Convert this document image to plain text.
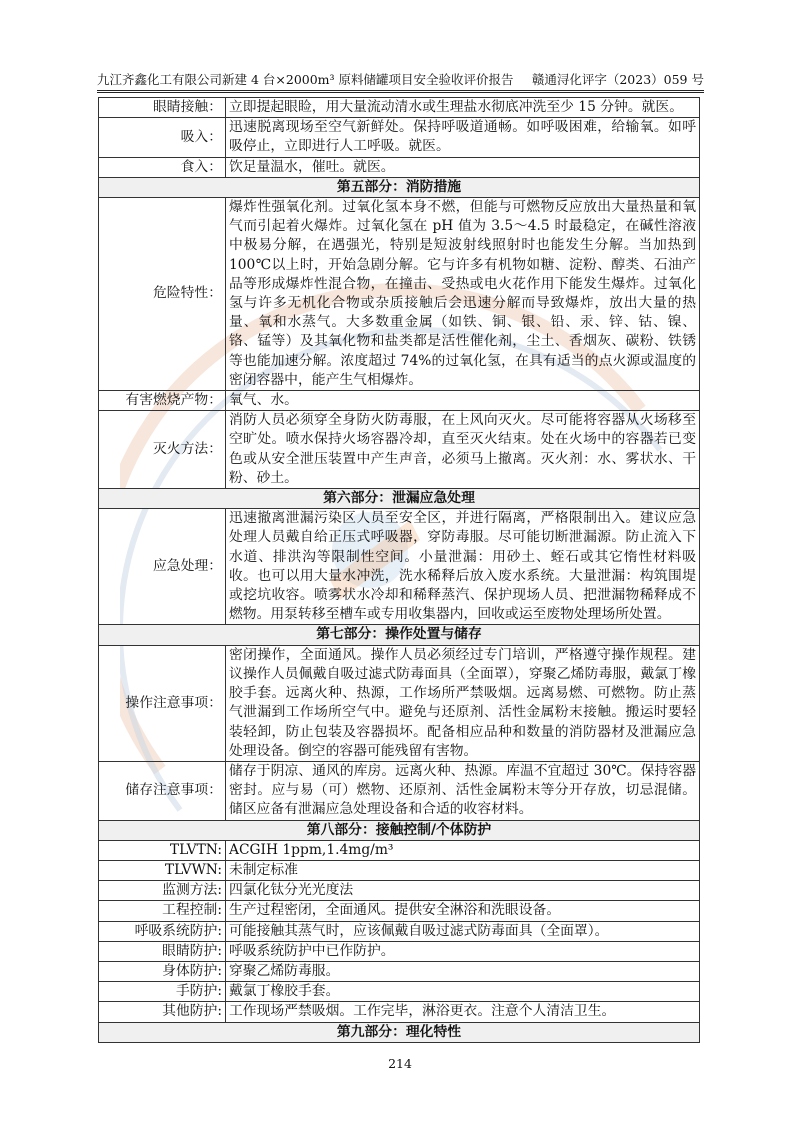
九江齐鑫化工有限公司新建 4 台×2000m³ 原料储罐项目安全验收评价报告 赣通浔化评字（2023）059 号
眼睛接触：	立即提起眼睑，用大量流动清水或生理盐水彻底冲洗至少 15 分钟。就医。
吸入：	迅速脱离现场至空气新鲜处。保持呼吸道通畅。如呼吸困难，给输氧。如呼吸停止，立即进行人工呼吸。就医。
食入：	饮足量温水，催吐。就医。
第五部分：消防措施	
危险特性：	爆炸性强氧化剂。过氧化氢本身不燃，但能与可燃物反应放出大量热量和氧气而引起着火爆炸。过氧化氢在 pH 值为 3.5～4.5 时最稳定，在碱性溶液中极易分解，在遇强光，特别是短波射线照射时也能发生分解。当加热到 100℃以上时，开始急剧分解。它与许多有机物如糖、淀粉、醇类、石油产品等形成爆炸性混合物，在撞击、受热或电火花作用下能发生爆炸。过氧化氢与许多无机化合物或杂质接触后会迅速分解而导致爆炸，放出大量的热量、氧和水蒸气。大多数重金属（如铁、铜、银、铅、汞、锌、钴、镍、铬、锰等）及其氧化物和盐类都是活性催化剂，尘土、香烟灰、碳粉、铁锈等也能加速分解。浓度超过 74%的过氧化氢，在具有适当的点火源或温度的密闭容器中，能产生气相爆炸。
有害燃烧产物：	氧气、水。
灭火方法：	消防人员必须穿全身防火防毒服，在上风向灭火。尽可能将容器从火场移至空旷处。喷水保持火场容器冷却，直至灭火结束。处在火场中的容器若已变色或从安全泄压装置中产生声音，必须马上撤离。灭火剂：水、雾状水、干粉、砂土。
第六部分：泄漏应急处理	
应急处理：	迅速撤离泄漏污染区人员至安全区，并进行隔离，严格限制出入。建议应急处理人员戴自给正压式呼吸器，穿防毒服。尽可能切断泄漏源。防止流入下水道、排洪沟等限制性空间。小量泄漏：用砂土、蛭石或其它惰性材料吸收。也可以用大量水冲洗，洗水稀释后放入废水系统。大量泄漏：构筑围堤或挖坑收容。喷雾状水冷却和稀释蒸汽、保护现场人员、把泄漏物稀释成不燃物。用泵转移至槽车或专用收集器内，回收或运至废物处理场所处置。
第七部分：操作处置与储存	
操作注意事项：	密闭操作，全面通风。操作人员必须经过专门培训，严格遵守操作规程。建议操作人员佩戴自吸过滤式防毒面具（全面罩），穿聚乙烯防毒服，戴氯丁橡胶手套。远离火种、热源，工作场所严禁吸烟。远离易燃、可燃物。防止蒸气泄漏到工作场所空气中。避免与还原剂、活性金属粉末接触。搬运时要轻装轻卸，防止包装及容器损坏。配备相应品种和数量的消防器材及泄漏应急处理设备。倒空的容器可能残留有害物。
储存注意事项：	储存于阴凉、通风的库房。远离火种、热源。库温不宜超过 30℃。保持容器密封。应与易（可）燃物、还原剂、活性金属粉末等分开存放，切忌混储。储区应备有泄漏应急处理设备和合适的收容材料。
第八部分：接触控制/个体防护	
TLVTN:	ACGIH 1ppm,1.4mg/m³
TLVWN:	未制定标准
监测方法:	四氯化钛分光光度法
工程控制:	生产过程密闭，全面通风。提供安全淋浴和洗眼设备。
呼吸系统防护:	可能接触其蒸气时，应该佩戴自吸过滤式防毒面具（全面罩）。
眼睛防护:	呼吸系统防护中已作防护。
身体防护:	穿聚乙烯防毒服。
手防护:	戴氯丁橡胶手套。
其他防护:	工作现场严禁吸烟。工作完毕，淋浴更衣。注意个人清洁卫生。
第九部分：理化特性	
214
